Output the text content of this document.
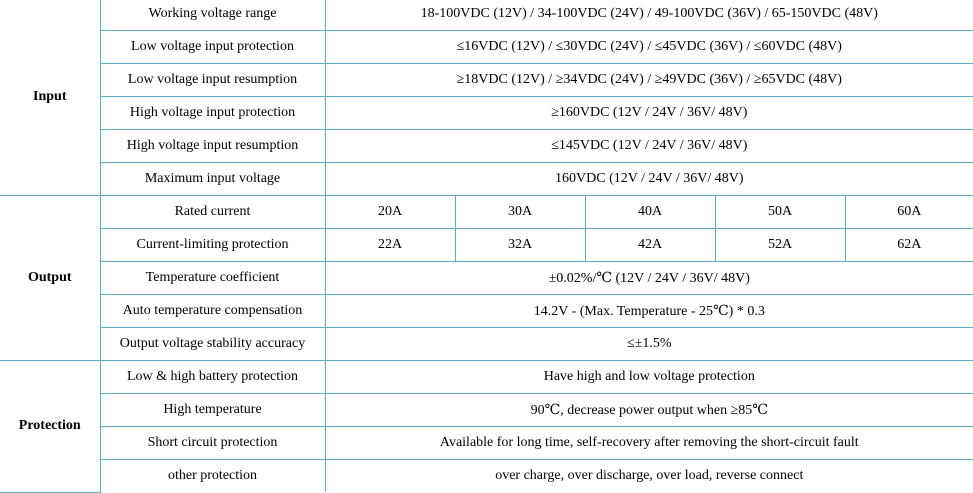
Input	Working voltage range	18-100VDC (12V) / 34-100VDC (24V) / 49-100VDC (36V) / 65-150VDC (48V)				
	Low voltage input protection	≤16VDC (12V) / ≤30VDC (24V) / ≤45VDC (36V) / ≤60VDC (48V)				
	Low voltage input resumption	≥18VDC (12V) / ≥34VDC (24V) / ≥49VDC (36V) / ≥65VDC (48V)				
	High voltage input protection	≥160VDC (12V / 24V / 36V/ 48V)				
	High voltage input resumption	≤145VDC (12V / 24V / 36V/ 48V)				
	Maximum input voltage	160VDC (12V / 24V / 36V/ 48V)				
Output	Rated current	20A	30A	40A	50A	60A
	Current-limiting protection	22A	32A	42A	52A	62A
	Temperature coefficient	±0.02%/℃ (12V / 24V / 36V/ 48V)				
	Auto temperature compensation	14.2V - (Max. Temperature - 25℃) * 0.3				
	Output voltage stability accuracy	≤±1.5%				
Protection	Low & high battery protection	Have high and low voltage protection				
	High temperature	90℃, decrease power output when ≥85℃				
	Short circuit protection	Available for long time, self-recovery after removing the short-circuit fault				
	other protection	over charge, over discharge, over load, reverse connect				
